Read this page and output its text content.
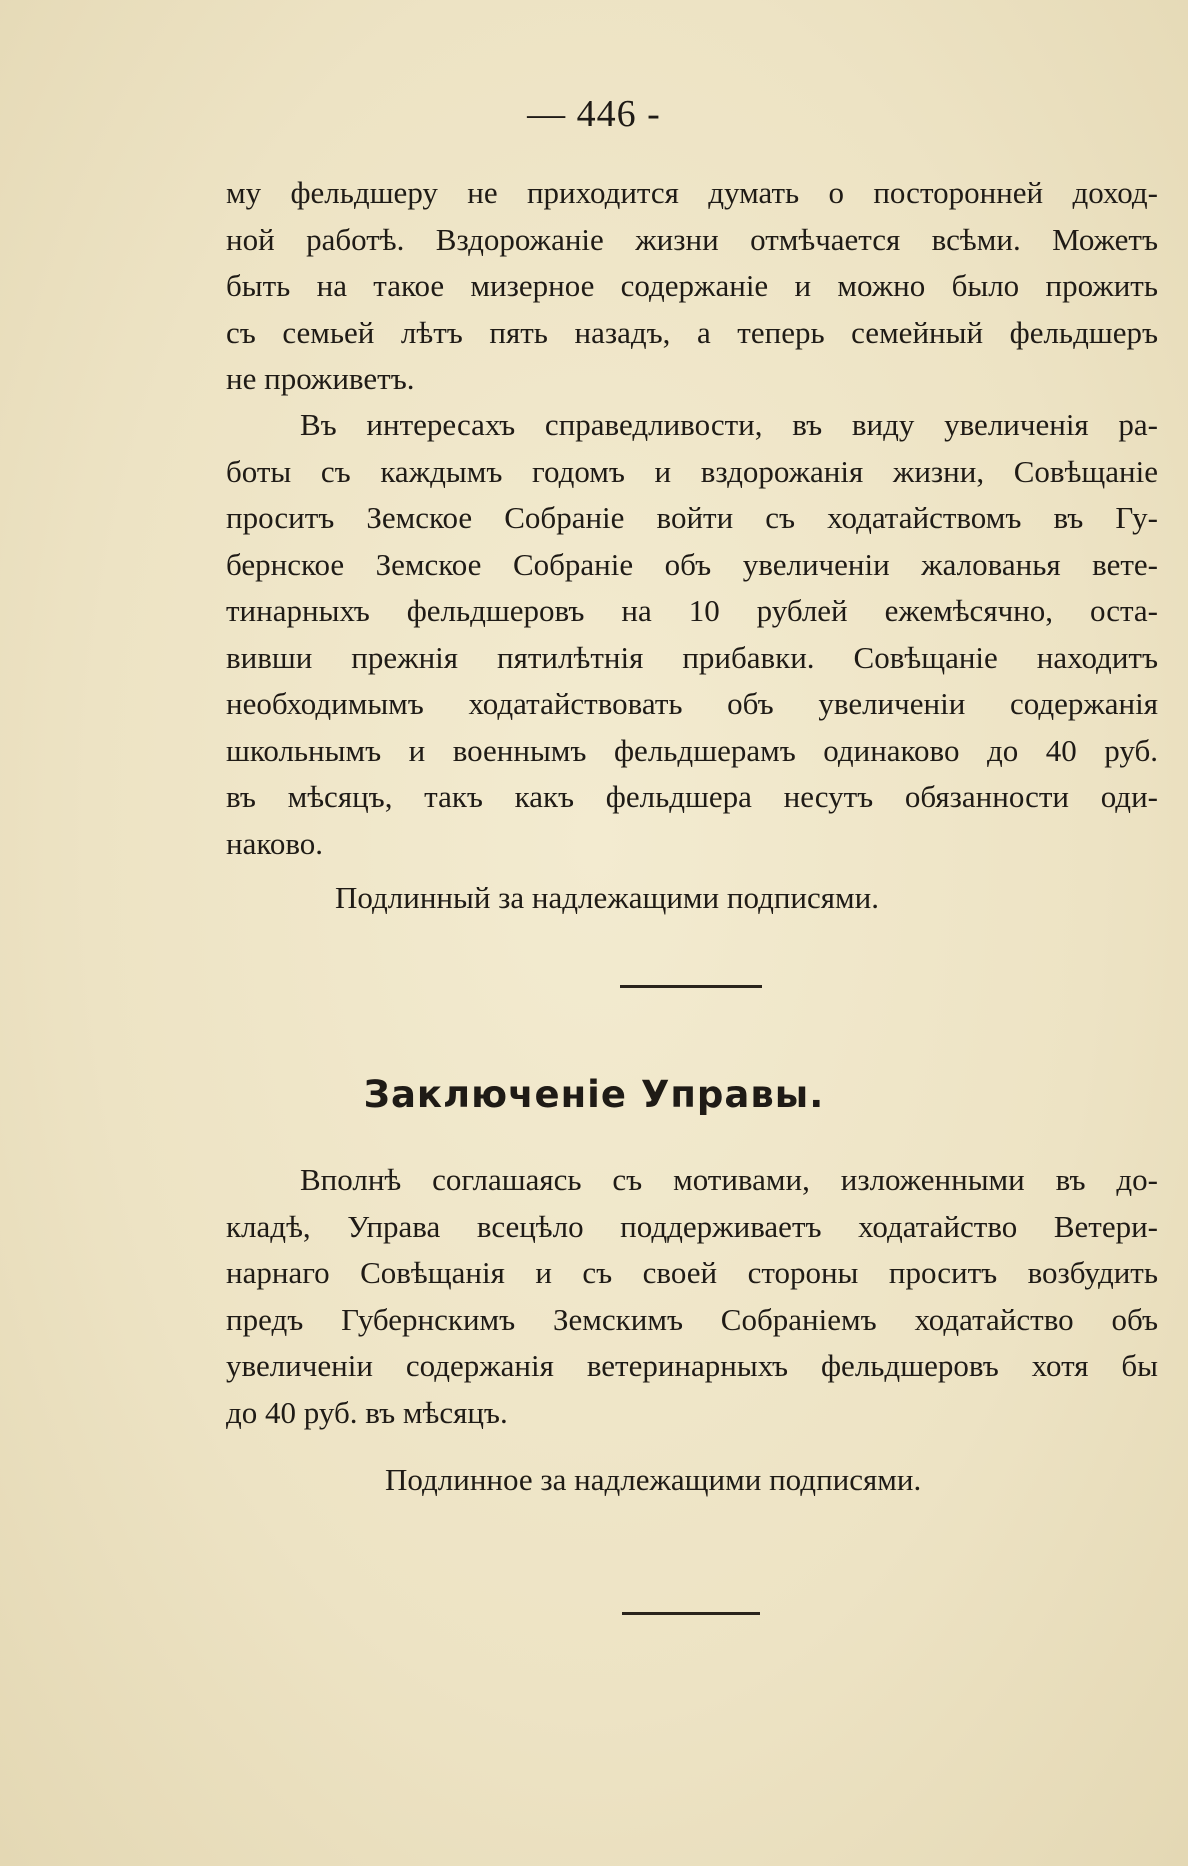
— 446 -
му фельдшеру не приходится думать о посторонней доход-
ной работѣ. Вздорожаніе жизни отмѣчается всѣми. Можетъ
быть на такое мизерное содержаніе и можно было прожить
съ семьей лѣтъ пять назадъ, а теперь семейный фельдшеръ
не проживетъ.
Въ интересахъ справедливости, въ виду увеличенія ра-
боты съ каждымъ годомъ и вздорожанія жизни, Совѣщаніе
проситъ Земское Собраніе войти съ ходатайствомъ въ Гу-
бернское Земское Собраніе объ увеличеніи жалованья вете-
тинарныхъ фельдшеровъ на 10 рублей ежемѣсячно, оста-
вивши прежнія пятилѣтнія прибавки. Совѣщаніе находитъ
необходимымъ ходатайствовать объ увеличеніи содержанія
школьнымъ и военнымъ фельдшерамъ одинаково до 40 руб.
въ мѣсяцъ, такъ какъ фельдшера несутъ обязанности оди-
наково.
Подлинный за надлежащими подписями.
Заключеніе Управы.
Вполнѣ соглашаясь съ мотивами, изложенными въ до-
кладѣ, Управа всецѣло поддерживаетъ ходатайство Ветери-
нарнаго Совѣщанія и съ своей стороны проситъ возбудить
предъ Губернскимъ Земскимъ Собраніемъ ходатайство объ
увеличеніи содержанія ветеринарныхъ фельдшеровъ хотя бы
до 40 руб. въ мѣсяцъ.
Подлинное за надлежащими подписями.
